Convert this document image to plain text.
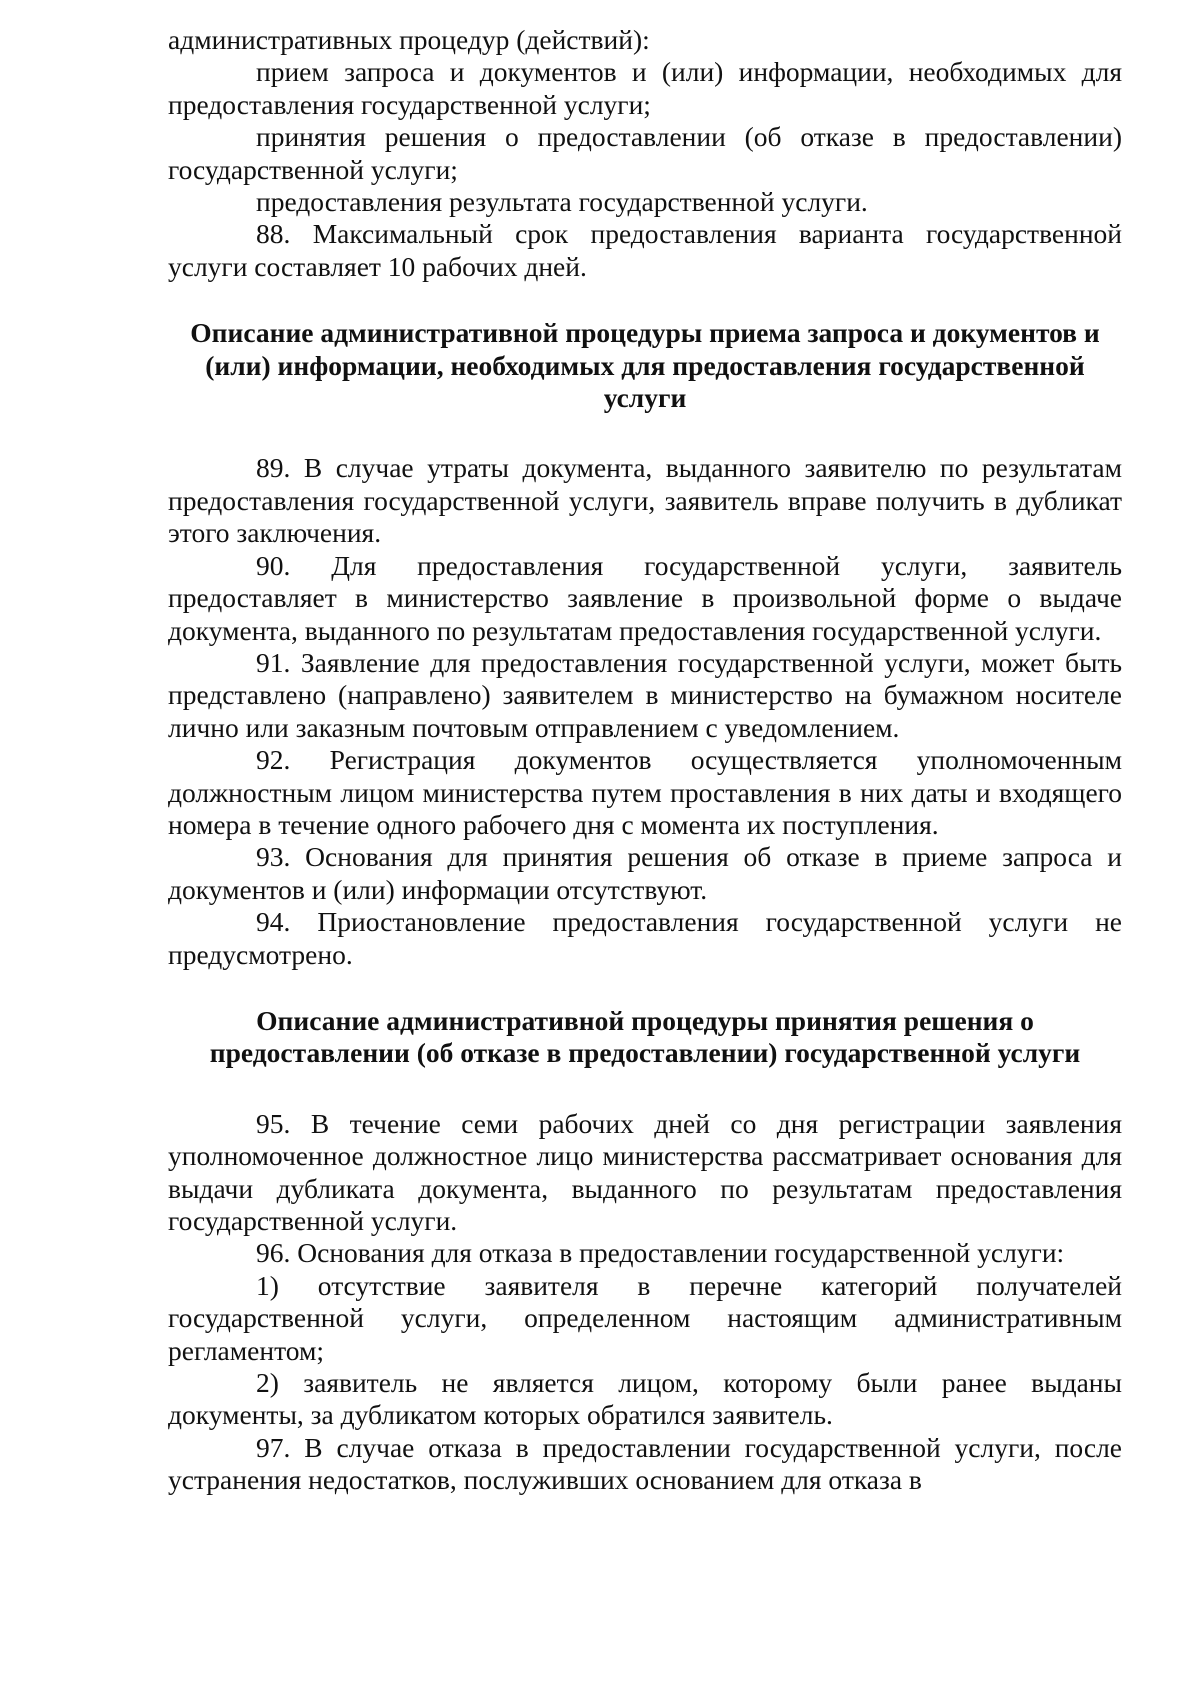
административных процедур (действий):

прием запроса и документов и (или) информации, необходимых для предоставления государственной услуги;

принятия решения о предоставлении (об отказе в предоставлении) государственной услуги;

предоставления результата государственной услуги.

88. Максимальный срок предоставления варианта государственной услуги составляет 10 рабочих дней.

Описание административной процедуры приема запроса и документов и (или) информации, необходимых для предоставления государственной услуги

89. В случае утраты документа, выданного заявителю по результатам предоставления государственной услуги, заявитель вправе получить в дубликат этого заключения.

90. Для предоставления государственной услуги, заявитель предоставляет в министерство заявление в произвольной форме о выдаче документа, выданного по результатам предоставления государственной услуги.

91. Заявление для предоставления государственной услуги, может быть представлено (направлено) заявителем в министерство на бумажном носителе лично или заказным почтовым отправлением с уведомлением.

92. Регистрация документов осуществляется уполномоченным должностным лицом министерства путем проставления в них даты и входящего номера в течение одного рабочего дня с момента их поступления.

93. Основания для принятия решения об отказе в приеме запроса и документов и (или) информации отсутствуют.

94. Приостановление предоставления государственной услуги не предусмотрено.

Описание административной процедуры принятия решения о предоставлении (об отказе в предоставлении) государственной услуги

95. В течение семи рабочих дней со дня регистрации заявления уполномоченное должностное лицо министерства рассматривает основания для выдачи дубликата документа, выданного по результатам предоставления государственной услуги.

96. Основания для отказа в предоставлении государственной услуги:

1) отсутствие заявителя в перечне категорий получателей государственной услуги, определенном настоящим административным регламентом;

2) заявитель не является лицом, которому были ранее выданы документы, за дубликатом которых обратился заявитель.

97. В случае отказа в предоставлении государственной услуги, после устранения недостатков, послуживших основанием для отказа в
